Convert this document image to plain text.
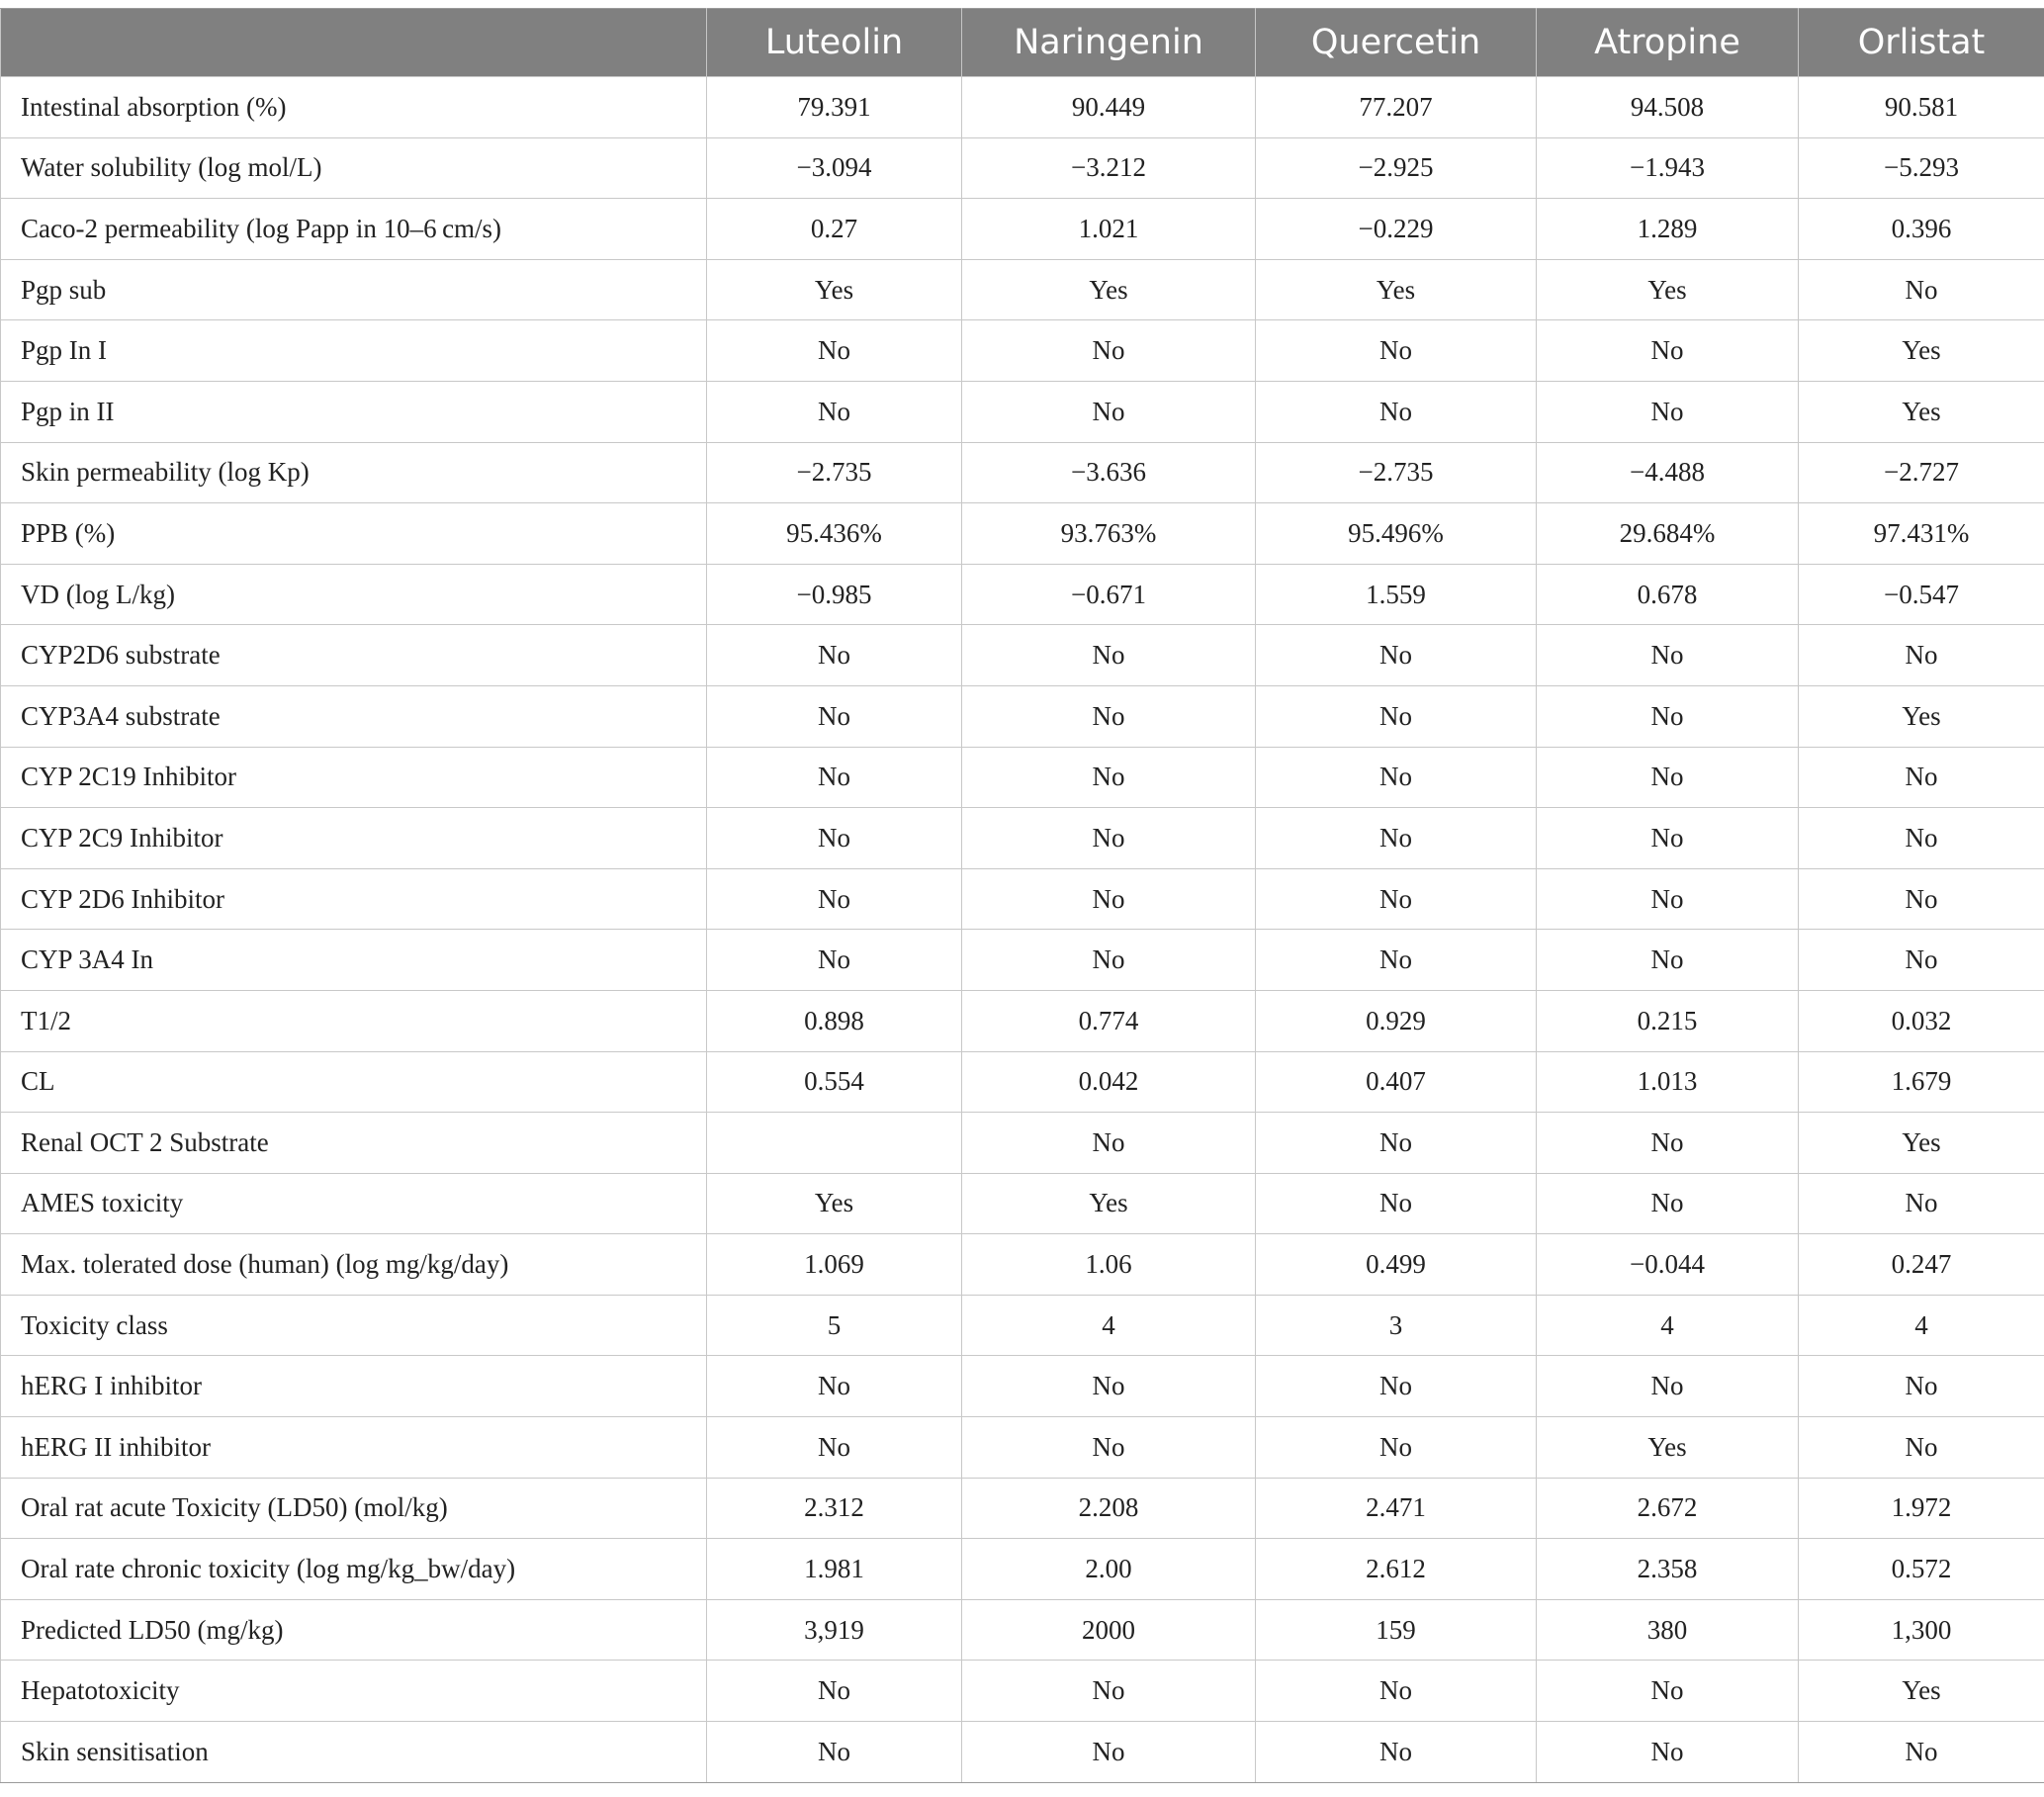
	Luteolin	Naringenin	Quercetin	Atropine	Orlistat
Intestinal absorption (%)	79.391	90.449	77.207	94.508	90.581
Water solubility (log mol/L)	−3.094	−3.212	−2.925	−1.943	−5.293
Caco-2 permeability (log Papp in 10–6 cm/s)	0.27	1.021	−0.229	1.289	0.396
Pgp sub	Yes	Yes	Yes	Yes	No
Pgp In I	No	No	No	No	Yes
Pgp in II	No	No	No	No	Yes
Skin permeability (log Kp)	−2.735	−3.636	−2.735	−4.488	−2.727
PPB (%)	95.436%	93.763%	95.496%	29.684%	97.431%
VD (log L/kg)	−0.985	−0.671	1.559	0.678	−0.547
CYP2D6 substrate	No	No	No	No	No
CYP3A4 substrate	No	No	No	No	Yes
CYP 2C19 Inhibitor	No	No	No	No	No
CYP 2C9 Inhibitor	No	No	No	No	No
CYP 2D6 Inhibitor	No	No	No	No	No
CYP 3A4 In	No	No	No	No	No
T1/2	0.898	0.774	0.929	0.215	0.032
CL	0.554	0.042	0.407	1.013	1.679
Renal OCT 2 Substrate		No	No	No	Yes
AMES toxicity	Yes	Yes	No	No	No
Max. tolerated dose (human) (log mg/kg/day)	1.069	1.06	0.499	−0.044	0.247
Toxicity class	5	4	3	4	4
hERG I inhibitor	No	No	No	No	No
hERG II inhibitor	No	No	No	Yes	No
Oral rat acute Toxicity (LD50) (mol/kg)	2.312	2.208	2.471	2.672	1.972
Oral rate chronic toxicity (log mg/kg_bw/day)	1.981	2.00	2.612	2.358	0.572
Predicted LD50 (mg/kg)	3,919	2000	159	380	1,300
Hepatotoxicity	No	No	No	No	Yes
Skin sensitisation	No	No	No	No	No
